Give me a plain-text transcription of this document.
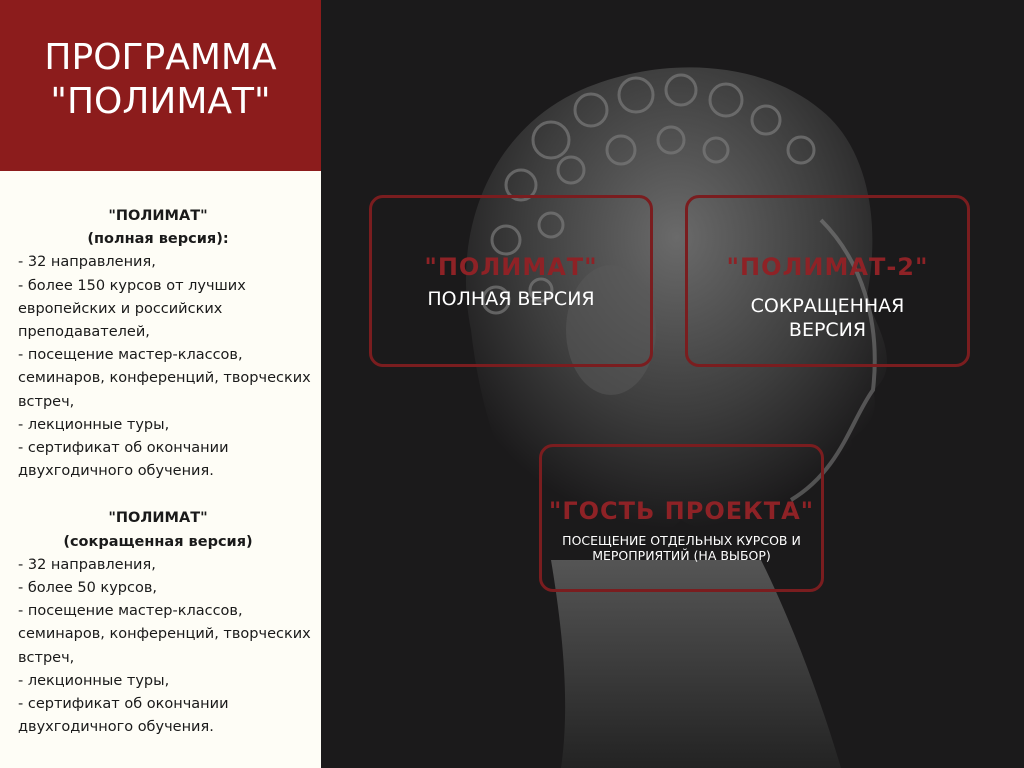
ПРОГРАММА
"ПОЛИМАТ"
"ПОЛИМАТ"
(полная версия):
- 32 направления,
- более 150 курсов от лучших европейских и российских преподавателей,
- посещение мастер-классов, семинаров, конференций, творческих встреч,
- лекционные туры,
- сертификат об окончании двухгодичного обучения.
"ПОЛИМАТ"
(сокращенная версия)
- 32 направления,
- более 50 курсов,
- посещение мастер-классов, семинаров, конференций, творческих встреч,
- лекционные туры,
- сертификат об окончании двухгодичного обучения.
"ПОЛИМАТ"
ПОЛНАЯ ВЕРСИЯ
"ПОЛИМАТ-2"
СОКРАЩЕННАЯ
ВЕРСИЯ
"ГОСТЬ ПРОЕКТА"
ПОСЕЩЕНИЕ ОТДЕЛЬНЫХ КУРСОВ И
МЕРОПРИЯТИЙ (НА ВЫБОР)
